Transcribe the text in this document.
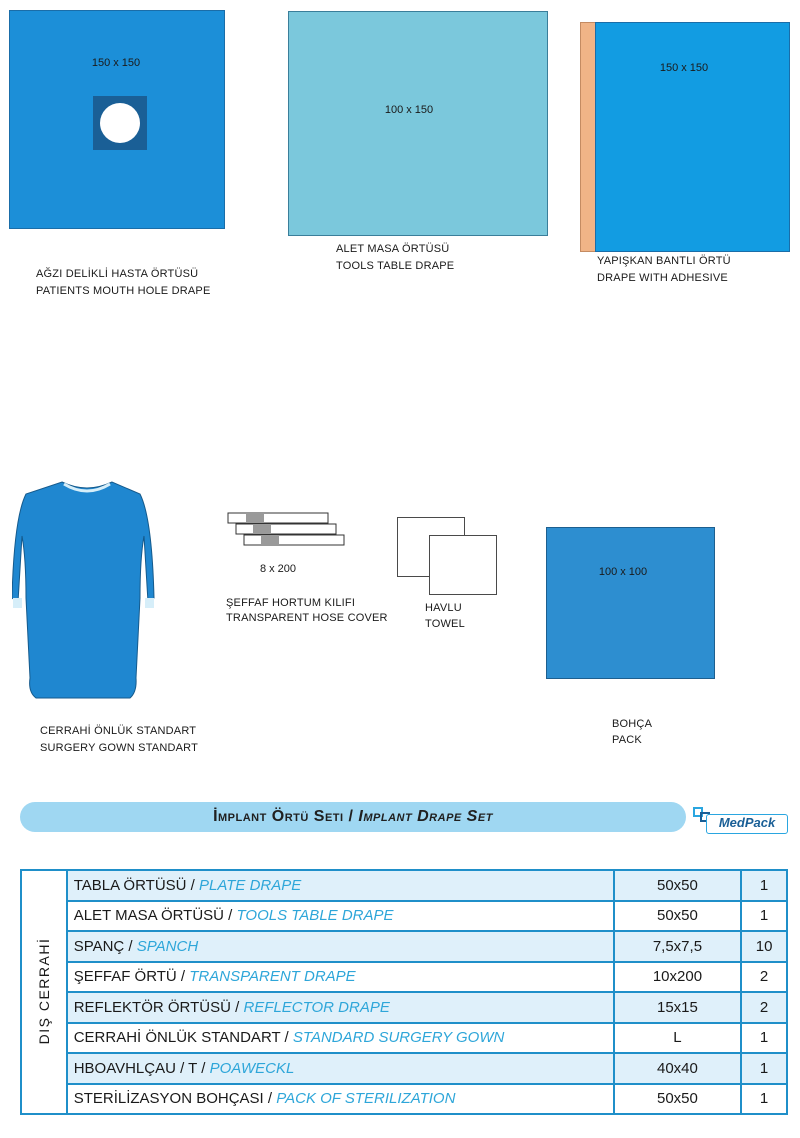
150 x 150
AĞZI DELİKLİ HASTA ÖRTÜSÜ
PATIENTS MOUTH HOLE DRAPE
100 x 150
ALET MASA ÖRTÜSÜ
TOOLS TABLE DRAPE
150 x 150
YAPIŞKAN BANTLI ÖRTÜ
DRAPE WITH ADHESIVE
CERRAHİ ÖNLÜK STANDART
SURGERY GOWN STANDART
8 x 200
ŞEFFAF HORTUM KILIFI
TRANSPARENT HOSE COVER
HAVLU
TOWEL
100 x 100
BOHÇA
PACK
İmplant Örtü Seti / Implant Drape Set	MedPack
DIŞ CERRAHİ	TABLA ÖRTÜSÜ / PLATE DRAPE	50x50	1
	ALET MASA ÖRTÜSÜ / TOOLS TABLE DRAPE	50x50	1
	SPANÇ / SPANCH	7,5x7,5	10
	ŞEFFAF ÖRTÜ / TRANSPARENT DRAPE	10x200	2
	REFLEKTÖR ÖRTÜSÜ / REFLECTOR DRAPE	15x15	2
	CERRAHİ ÖNLÜK STANDART / STANDARD SURGERY GOWN	L	1
	HBOAVHLÇAU / T / POAWECKL	40x40	1
	STERİLİZASYON BOHÇASI / PACK OF STERILIZATION	50x50	1
